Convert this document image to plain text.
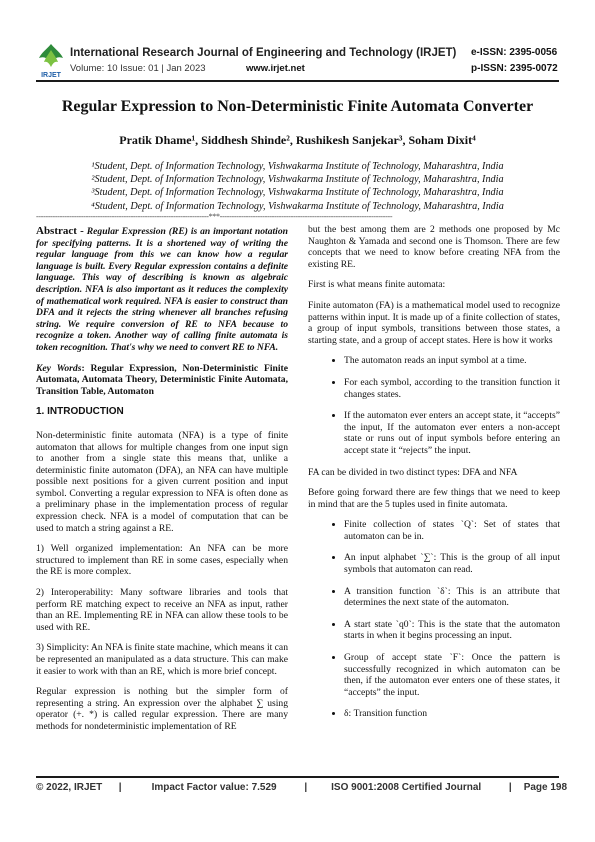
IRJET
International Research Journal of Engineering and Technology (IRJET)
Volume: 10 Issue: 01 | Jan 2023	www.irjet.net
e-ISSN: 2395-0056
p-ISSN: 2395-0072
Regular Expression to Non-Deterministic Finite Automata Converter
Pratik Dhame¹, Siddhesh Shinde², Rushikesh Sanjekar³, Soham Dixit⁴
¹Student, Dept. of Information Technology, Vishwakarma Institute of Technology, Maharashtra, India
²Student, Dept. of Information Technology, Vishwakarma Institute of Technology, Maharashtra, India
³Student, Dept. of Information Technology, Vishwakarma Institute of Technology, Maharashtra, India
⁴Student, Dept. of Information Technology, Vishwakarma Institute of Technology, Maharashtra, India
-------------------------------------------------------------------------***-------------------------------------------------------------------------

Abstract - Regular Expression (RE) is an important notation for specifying patterns. It is a shortened way of writing the regular language from this we can know how a regular language is built. Every Regular expression contains a definite language. This way of describing is known as algebraic description. NFA is also important as it reduces the complexity of mathematical work required. NFA is easier to construct than DFA and it rejects the string whenever all branches refusing string. We require conversion of RE to NFA because to recognize a token. Another way of calling finite automata is token recognition. That's why we need to convert RE to NFA.

Key Words: Regular Expression, Non-Deterministic Finite Automata, Automata Theory, Deterministic Finite Automata, Transition Table, Automaton

1. INTRODUCTION

Non-deterministic finite automata (NFA) is a type of finite automaton that allows for multiple changes from one input sign to another from a single state this means that, unlike a deterministic finite automaton (DFA), an NFA can have multiple possible next positions for a given current position and input symbol. Converting a regular expression to NFA is often done as a preliminary phase in the implementation process of regular expression check. NFA is a model of computation that can be used to match a string against a RE.

1) Well organized implementation: An NFA can be more structured to implement than RE in some cases, especially when the RE is more complex.

2) Interoperability: Many software libraries and tools that perform RE matching expect to receive an NFA as input, rather than an RE. Implementing RE in NFA can allow these tools to be used with RE.

3) Simplicity: An NFA is finite state machine, which means it can be represented an manipulated as a data structure. This can make it easier to work with than an RE, which is more brief concept.

Regular expression is nothing but the simpler form of representing a string. An expression over the alphabet ∑ using operator (+. *) is called regular expression. There are many methods for nondeterministic implementation of RE

but the best among them are 2 methods one proposed by Mc Naughton & Yamada and second one is Thomson. There are few concepts that we need to know before creating NFA from the existing RE.

First is what means finite automata:

Finite automaton (FA) is a mathematical model used to recognize patterns within input. It is made up of a finite collection of states, a group of input symbols, transitions between those states, a starting state, and a group of accept states. Here is how it works

• The automaton reads an input symbol at a time.
• For each symbol, according to the transition function it changes states.
• If the automaton ever enters an accept state, it “accepts” the input, If the automaton ever enters a non-accept state or runs out of input symbols before entering an accept state it “rejects” the input.

FA can be divided in two distinct types: DFA and NFA

Before going forward there are few things that we need to keep in mind that are the 5 tuples used in finite automata.

• Finite collection of states `Q`: Set of states that automaton can be in.
• An input alphabet `∑`: This is the group of all input symbols that automaton can read.
• A transition function `δ`: This is an attribute that determines the next state of the automaton.
• A start state `q0`: This is the state that the automaton starts in when it begins processing an input.
• Group of accept state `F`: Once the pattern is successfully recognized in which automaton can be then, if the automaton ever enters one of these states, it “accepts” the input.
• δ: Transition function
© 2022, IRJET |	Impact Factor value: 7.529	| ISO 9001:2008 Certified Journal	| Page 198
